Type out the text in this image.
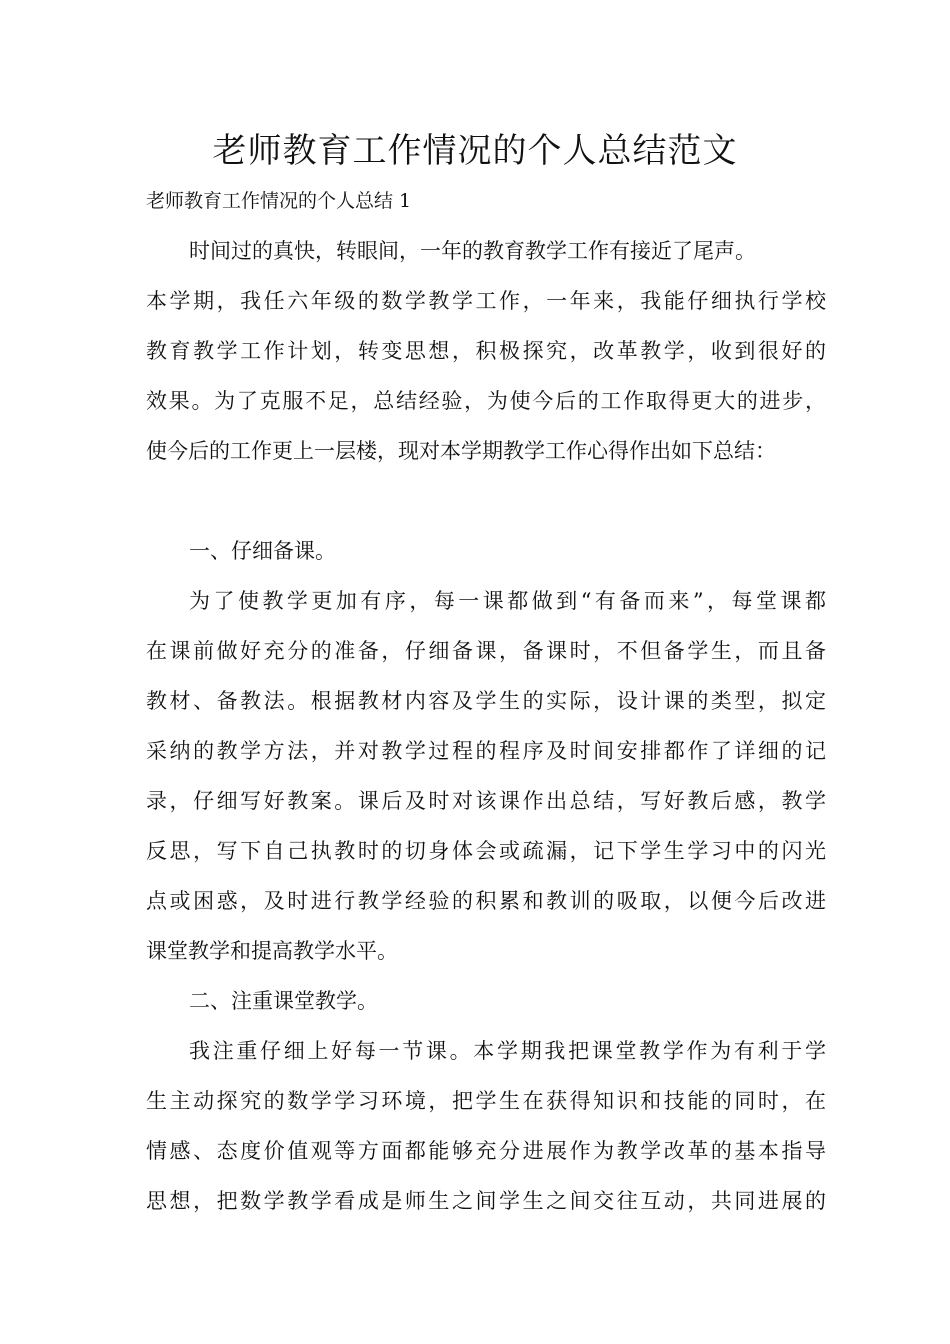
老师教育工作情况的个人总结范文

老师教育工作情况的个人总结 1

时间过的真快，转眼间，一年的教育教学工作有接近了尾声。

本学期，我任六年级的数学教学工作，一年来，我能仔细执行学校

教育教学工作计划，转变思想，积极探究，改革教学，收到很好的

效果。为了克服不足，总结经验，为使今后的工作取得更大的进步，

使今后的工作更上一层楼，现对本学期教学工作心得作出如下总结：

一、仔细备课。

为了使教学更加有序，每一课都做到“有备而来”，每堂课都

在课前做好充分的准备，仔细备课，备课时，不但备学生，而且备

教材、备教法。根据教材内容及学生的实际，设计课的类型，拟定

采纳的教学方法，并对教学过程的程序及时间安排都作了详细的记

录，仔细写好教案。课后及时对该课作出总结，写好教后感，教学

反思，写下自己执教时的切身体会或疏漏，记下学生学习中的闪光

点或困惑，及时进行教学经验的积累和教训的吸取，以便今后改进

课堂教学和提高教学水平。

二、注重课堂教学。

我注重仔细上好每一节课。本学期我把课堂教学作为有利于学

生主动探究的数学学习环境，把学生在获得知识和技能的同时，在

情感、态度价值观等方面都能够充分进展作为教学改革的基本指导

思想，把数学教学看成是师生之间学生之间交往互动，共同进展的
